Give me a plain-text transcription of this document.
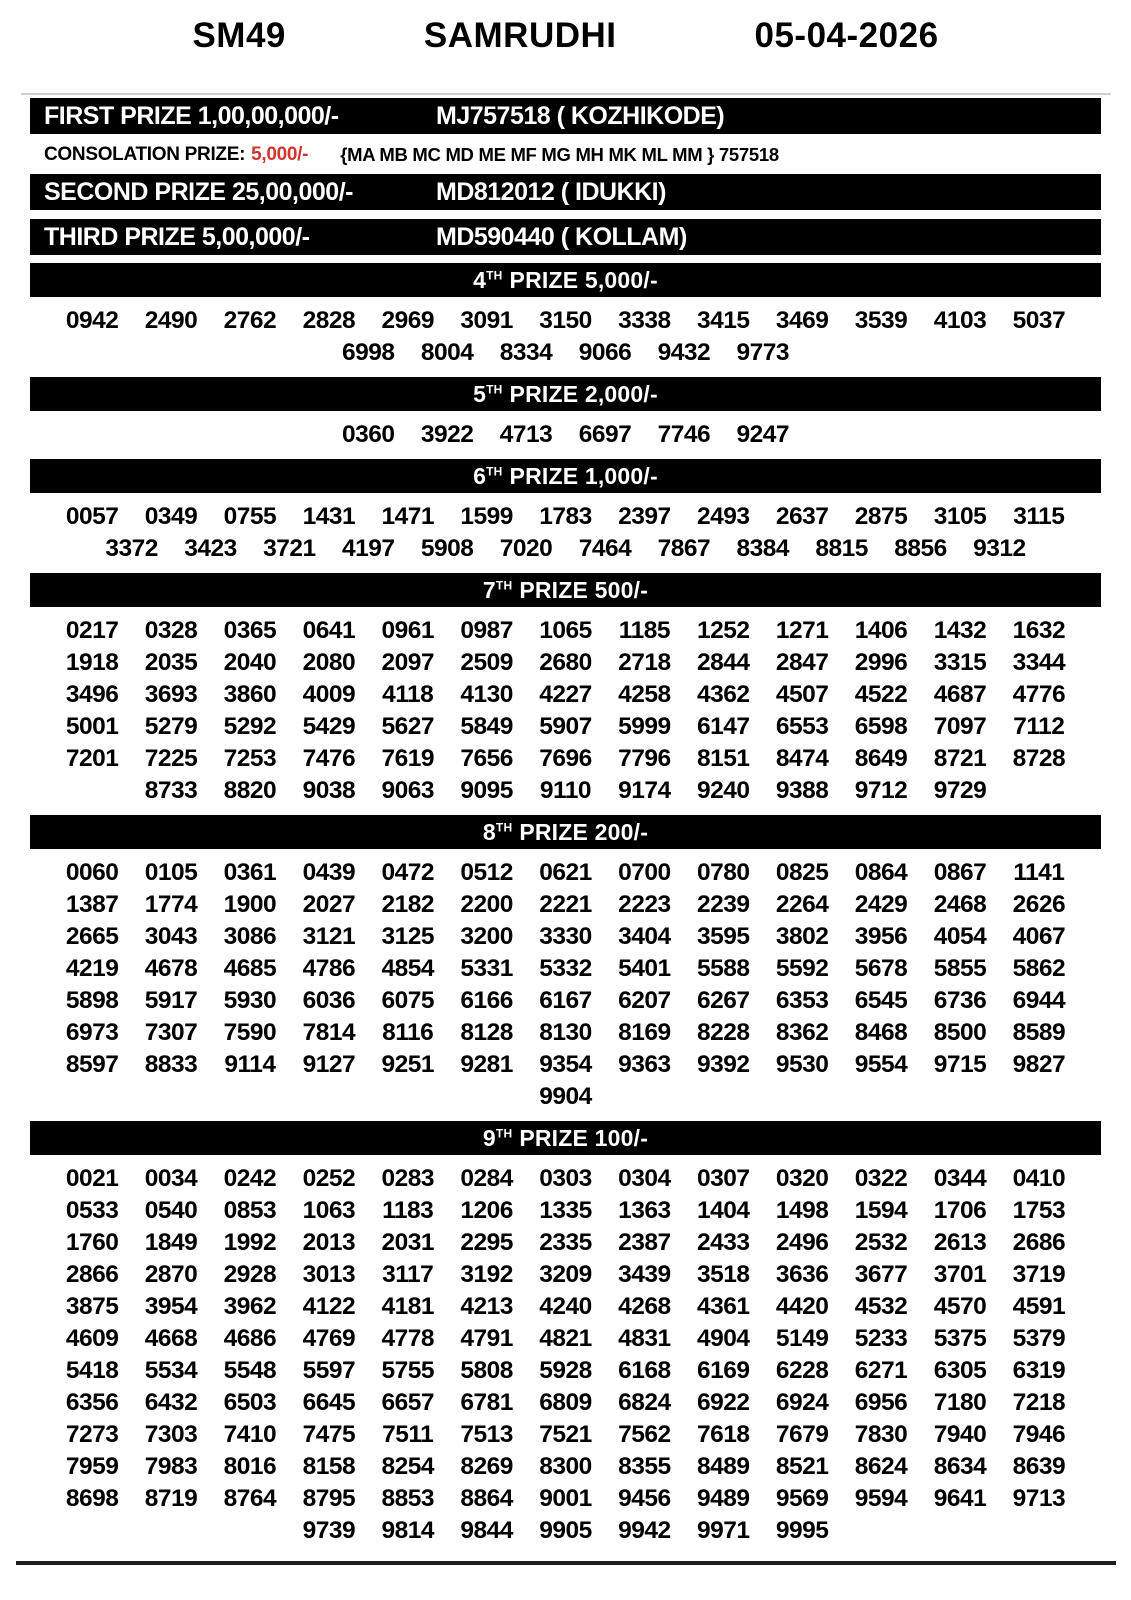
SM49	SAMRUDHI	05-04-2026
FIRST PRIZE 1,00,00,000/-	MJ757518 ( KOZHIKODE)
CONSOLATION PRIZE: 5,000/- {MA MB MC MD ME MF MG MH MK ML MM } 757518
SECOND PRIZE 25,00,000/-	MD812012 ( IDUKKI)
THIRD PRIZE 5,00,000/-	MD590440 ( KOLLAM)
4TH PRIZE 5,000/-
0942	2490	2762	2828	2969	3091	3150	3338	3415	3469	3539	4103	5037
6998	8004	8334	9066	9432	9773
5TH PRIZE 2,000/-
0360	3922	4713	6697	7746	9247
6TH PRIZE 1,000/-
0057	0349	0755	1431	1471	1599	1783	2397	2493	2637	2875	3105	3115
3372	3423	3721	4197	5908	7020	7464	7867	8384	8815	8856	9312
7TH PRIZE 500/-
0217	0328	0365	0641	0961	0987	1065	1185	1252	1271	1406	1432	1632
1918	2035	2040	2080	2097	2509	2680	2718	2844	2847	2996	3315	3344
3496	3693	3860	4009	4118	4130	4227	4258	4362	4507	4522	4687	4776
5001	5279	5292	5429	5627	5849	5907	5999	6147	6553	6598	7097	7112
7201	7225	7253	7476	7619	7656	7696	7796	8151	8474	8649	8721	8728
8733	8820	9038	9063	9095	9110	9174	9240	9388	9712	9729
8TH PRIZE 200/-
0060	0105	0361	0439	0472	0512	0621	0700	0780	0825	0864	0867	1141
1387	1774	1900	2027	2182	2200	2221	2223	2239	2264	2429	2468	2626
2665	3043	3086	3121	3125	3200	3330	3404	3595	3802	3956	4054	4067
4219	4678	4685	4786	4854	5331	5332	5401	5588	5592	5678	5855	5862
5898	5917	5930	6036	6075	6166	6167	6207	6267	6353	6545	6736	6944
6973	7307	7590	7814	8116	8128	8130	8169	8228	8362	8468	8500	8589
8597	8833	9114	9127	9251	9281	9354	9363	9392	9530	9554	9715	9827
9904
9TH PRIZE 100/-
0021	0034	0242	0252	0283	0284	0303	0304	0307	0320	0322	0344	0410
0533	0540	0853	1063	1183	1206	1335	1363	1404	1498	1594	1706	1753
1760	1849	1992	2013	2031	2295	2335	2387	2433	2496	2532	2613	2686
2866	2870	2928	3013	3117	3192	3209	3439	3518	3636	3677	3701	3719
3875	3954	3962	4122	4181	4213	4240	4268	4361	4420	4532	4570	4591
4609	4668	4686	4769	4778	4791	4821	4831	4904	5149	5233	5375	5379
5418	5534	5548	5597	5755	5808	5928	6168	6169	6228	6271	6305	6319
6356	6432	6503	6645	6657	6781	6809	6824	6922	6924	6956	7180	7218
7273	7303	7410	7475	7511	7513	7521	7562	7618	7679	7830	7940	7946
7959	7983	8016	8158	8254	8269	8300	8355	8489	8521	8624	8634	8639
8698	8719	8764	8795	8853	8864	9001	9456	9489	9569	9594	9641	9713
9739	9814	9844	9905	9942	9971	9995
